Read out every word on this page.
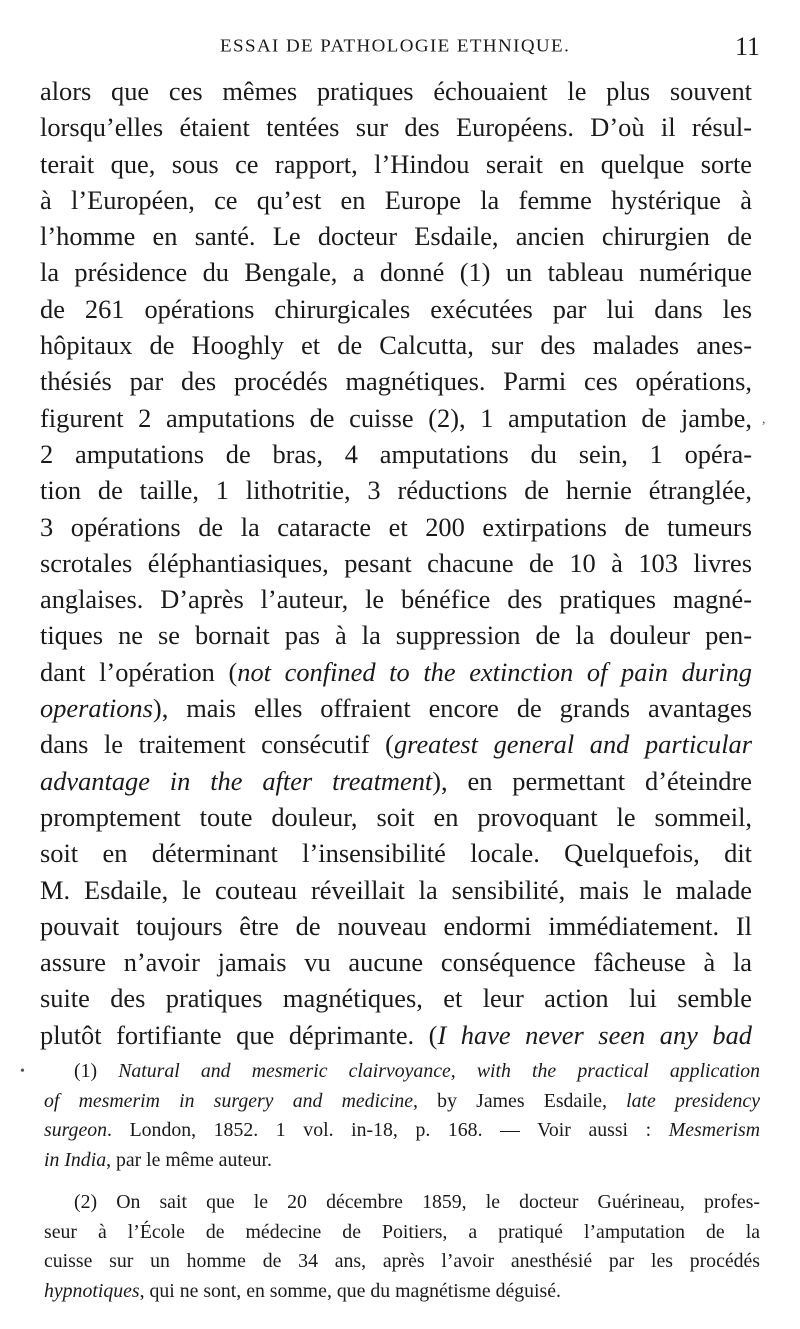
ESSAI DE PATHOLOGIE ETHNIQUE.	11
alors que ces mêmes pratiques échouaient le plus souvent
lorsqu’elles étaient tentées sur des Européens. D’où il résul-
terait que, sous ce rapport, l’Hindou serait en quelque sorte
à l’Européen, ce qu’est en Europe la femme hystérique à
l’homme en santé. Le docteur Esdaile, ancien chirurgien de
la présidence du Bengale, a donné (1) un tableau numérique
de 261 opérations chirurgicales exécutées par lui dans les
hôpitaux de Hooghly et de Calcutta, sur des malades anes-
thésiés par des procédés magnétiques. Parmi ces opérations,
figurent 2 amputations de cuisse (2), 1 amputation de jambe,
2 amputations de bras, 4 amputations du sein, 1 opéra-
tion de taille, 1 lithotritie, 3 réductions de hernie étranglée,
3 opérations de la cataracte et 200 extirpations de tumeurs
scrotales éléphantiasiques, pesant chacune de 10 à 103 livres
anglaises. D’après l’auteur, le bénéfice des pratiques magné-
tiques ne se bornait pas à la suppression de la douleur pen-
dant l’opération (not confined to the extinction of pain during
operations), mais elles offraient encore de grands avantages
dans le traitement consécutif (greatest general and particular
advantage in the after treatment), en permettant d’éteindre
promptement toute douleur, soit en provoquant le sommeil,
soit en déterminant l’insensibilité locale. Quelquefois, dit
M. Esdaile, le couteau réveillait la sensibilité, mais le malade
pouvait toujours être de nouveau endormi immédiatement. Il
assure n’avoir jamais vu aucune conséquence fâcheuse à la
suite des pratiques magnétiques, et leur action lui semble
plutôt fortifiante que déprimante. (I have never seen any bad
(1) Natural and mesmeric clairvoyance, with the practical application
of mesmerim in surgery and medicine, by James Esdaile, late presidency
surgeon. London, 1852. 1 vol. in-18, p. 168. — Voir aussi : Mesmerism
in India, par le même auteur.
(2) On sait que le 20 décembre 1859, le docteur Guérineau, profes-
seur à l’École de médecine de Poitiers, a pratiqué l’amputation de la
cuisse sur un homme de 34 ans, après l’avoir anesthésié par les procédés
hypnotiques, qui ne sont, en somme, que du magnétisme déguisé.
,
•
